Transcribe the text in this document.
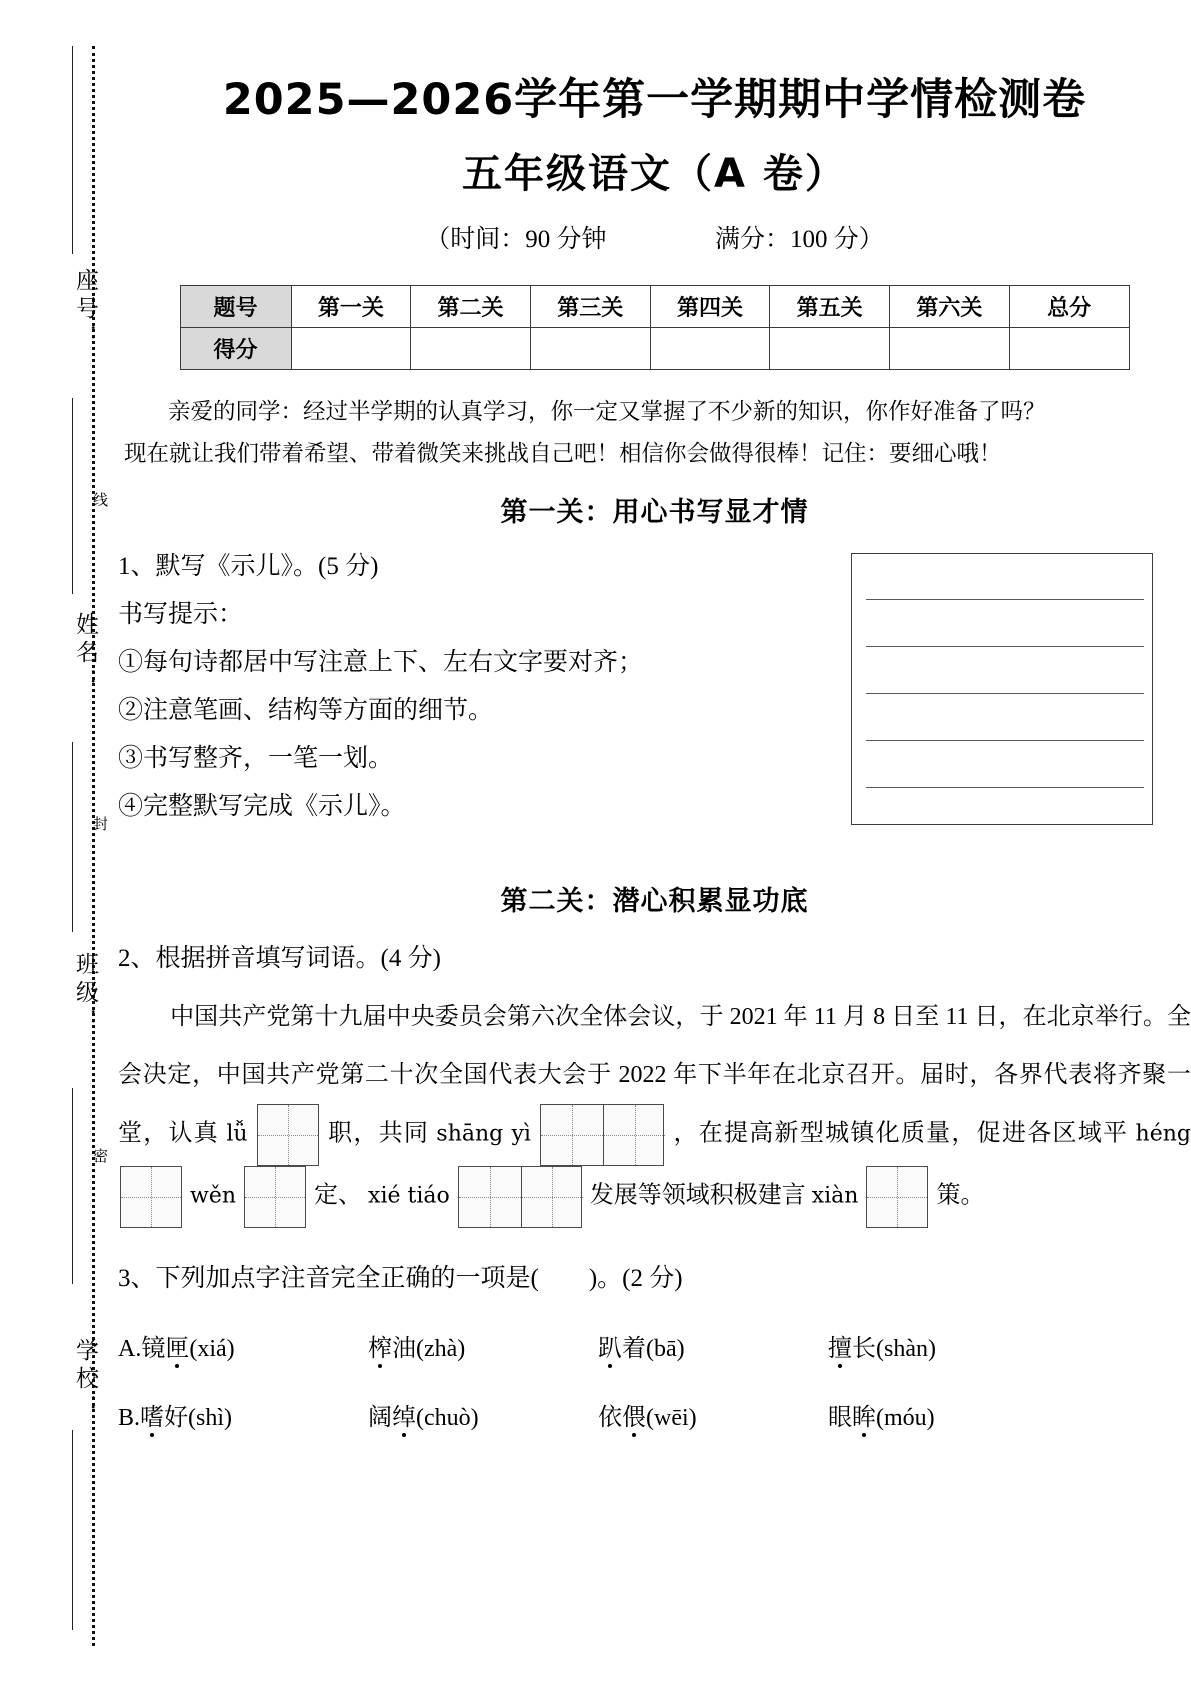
座号：
姓名：
班级：
学校：
线
封
密
2025—2026学年第一学期期中学情检测卷
五年级语文（A 卷）
（时间：90 分钟	满分：100 分）
题号	第一关	第二关	第三关	第四关	第五关	第六关	总分
得分							
亲爱的同学：经过半学期的认真学习，你一定又掌握了不少新的知识，你作好准备了吗？
现在就让我们带着希望、带着微笑来挑战自己吧！相信你会做得很棒！记住：要细心哦！
第一关：用心书写显才情
1、默写《示儿》。(5 分)
书写提示：
①每句诗都居中写注意上下、左右文字要对齐；
②注意笔画、结构等方面的细节。
③书写整齐，一笔一划。
④完整默写完成《示儿》。
第二关：潜心积累显功底
2、根据拼音填写词语。(4 分)
中国共产党第十九届中央委员会第六次全体会议，于 2021 年 11 月 8 日至 11 日，在北京举行。全会决定，中国共产党第二十次全国代表大会于 2022 年下半年在北京召开。届时，各界代表将齐聚一堂，认真 lǚ	职，共同 shāng yì	，在提高新型城镇化质量，促进各区域平 héng
wěn	定、 xié tiáo	发展等领域积极建言 xiàn	策。
3、下列加点字注音完全正确的一项是(　　)。(2 分)
A.镜匣(xiá)	榨油(zhà)	趴着(bā)	擅长(shàn)
B.嗜好(shì)	阔绰(chuò)	依偎(wēi)	眼眸(móu)
